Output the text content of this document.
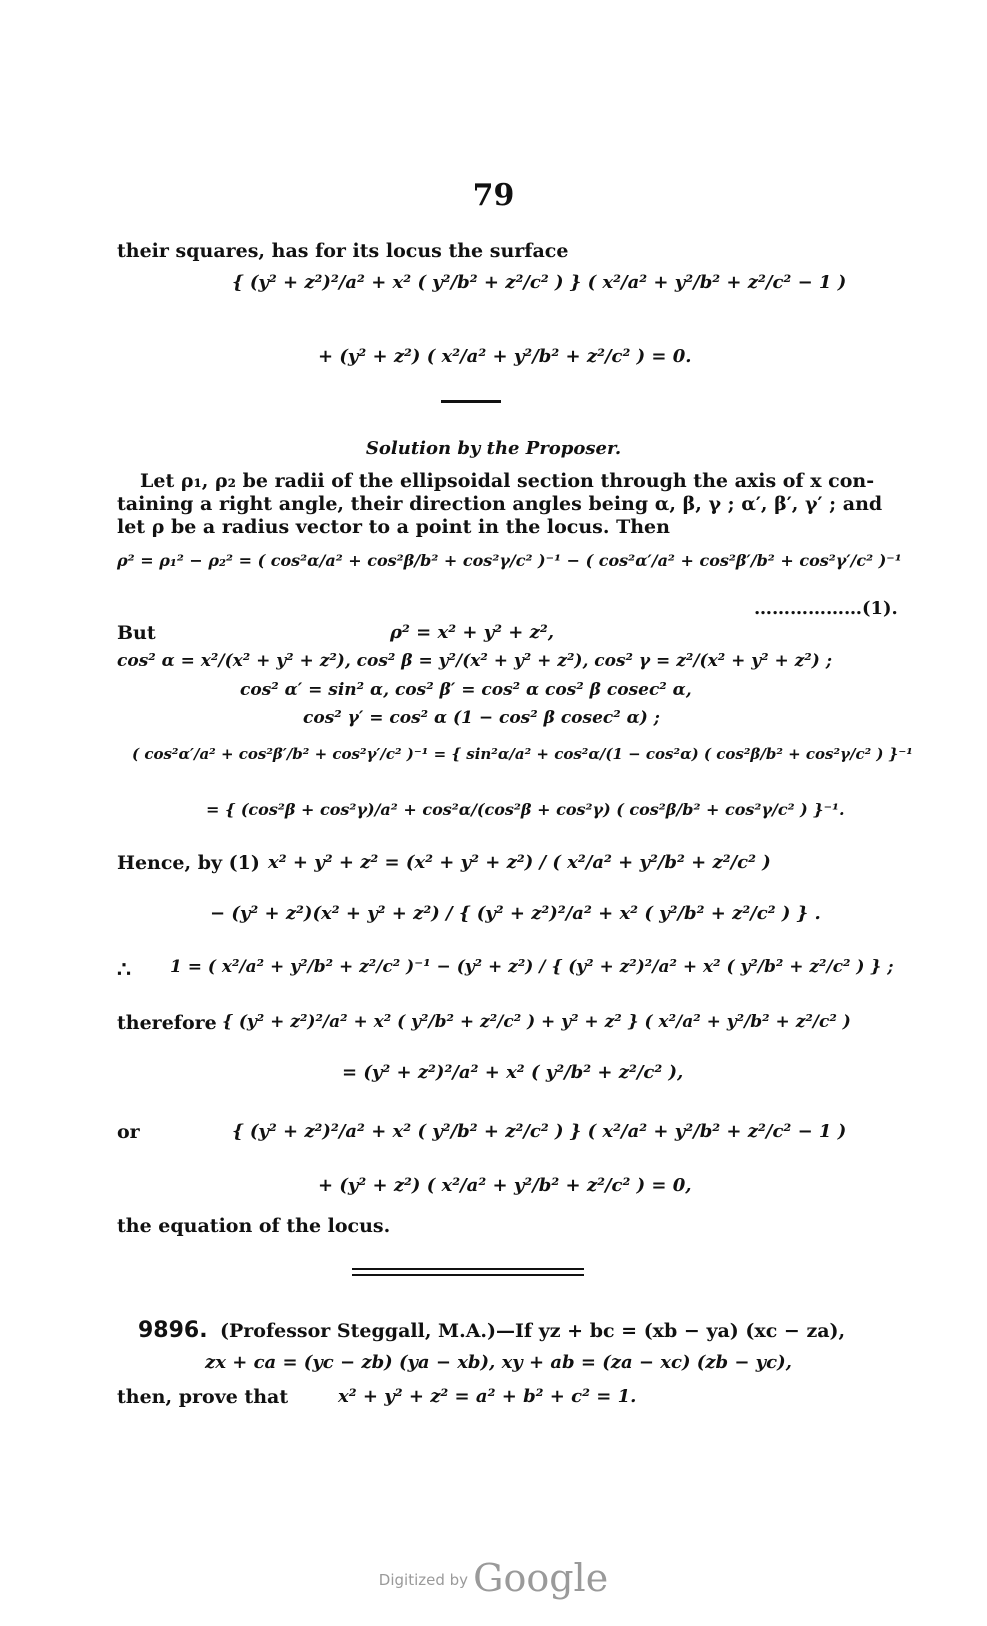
79
their squares, has for its locus the surface
{ (y² + z²)²/a² + x² ( y²/b² + z²/c² ) } ( x²/a² + y²/b² + z²/c² − 1 )
+ (y² + z²) ( x²/a² + y²/b² + z²/c² ) = 0.
Solution by the Proposer.
Let ρ₁, ρ₂ be radii of the ellipsoidal section through the axis of x con-
taining a right angle, their direction angles being α, β, γ ; α′, β′, γ′ ; and
let ρ be a radius vector to a point in the locus. Then
ρ² = ρ₁² − ρ₂² = ( cos²α/a² + cos²β/b² + cos²γ/c² )⁻¹ − ( cos²α′/a² + cos²β′/b² + cos²γ′/c² )⁻¹
………………(1).
But	ρ² = x² + y² + z²,
cos² α = x²/(x² + y² + z²), cos² β = y²/(x² + y² + z²), cos² γ = z²/(x² + y² + z²) ;
cos² α′ = sin² α, cos² β′ = cos² α cos² β cosec² α,
cos² γ′ = cos² α (1 − cos² β cosec² α) ;
( cos²α′/a² + cos²β′/b² + cos²γ′/c² )⁻¹ = { sin²α/a² + cos²α/(1 − cos²α) ( cos²β/b² + cos²γ/c² ) }⁻¹
= { (cos²β + cos²γ)/a² + cos²α/(cos²β + cos²γ) ( cos²β/b² + cos²γ/c² ) }⁻¹.
Hence, by (1) x² + y² + z² = (x² + y² + z²) / ( x²/a² + y²/b² + z²/c² )
− (y² + z²)(x² + y² + z²) / { (y² + z²)²/a² + x² ( y²/b² + z²/c² ) } .
∴ 1 = ( x²/a² + y²/b² + z²/c² )⁻¹ − (y² + z²) / { (y² + z²)²/a² + x² ( y²/b² + z²/c² ) } ;
therefore { (y² + z²)²/a² + x² ( y²/b² + z²/c² ) + y² + z² } ( x²/a² + y²/b² + z²/c² )
= (y² + z²)²/a² + x² ( y²/b² + z²/c² ),
or	{ (y² + z²)²/a² + x² ( y²/b² + z²/c² ) } ( x²/a² + y²/b² + z²/c² − 1 )
+ (y² + z²) ( x²/a² + y²/b² + z²/c² ) = 0,
the equation of the locus.
9896. (Professor Steggall, M.A.)—If yz + bc = (xb − ya) (xc − za),
zx + ca = (yc − zb) (ya − xb), xy + ab = (za − xc) (zb − yc),
then, prove that	x² + y² + z² = a² + b² + c² = 1.
Digitized by Google
